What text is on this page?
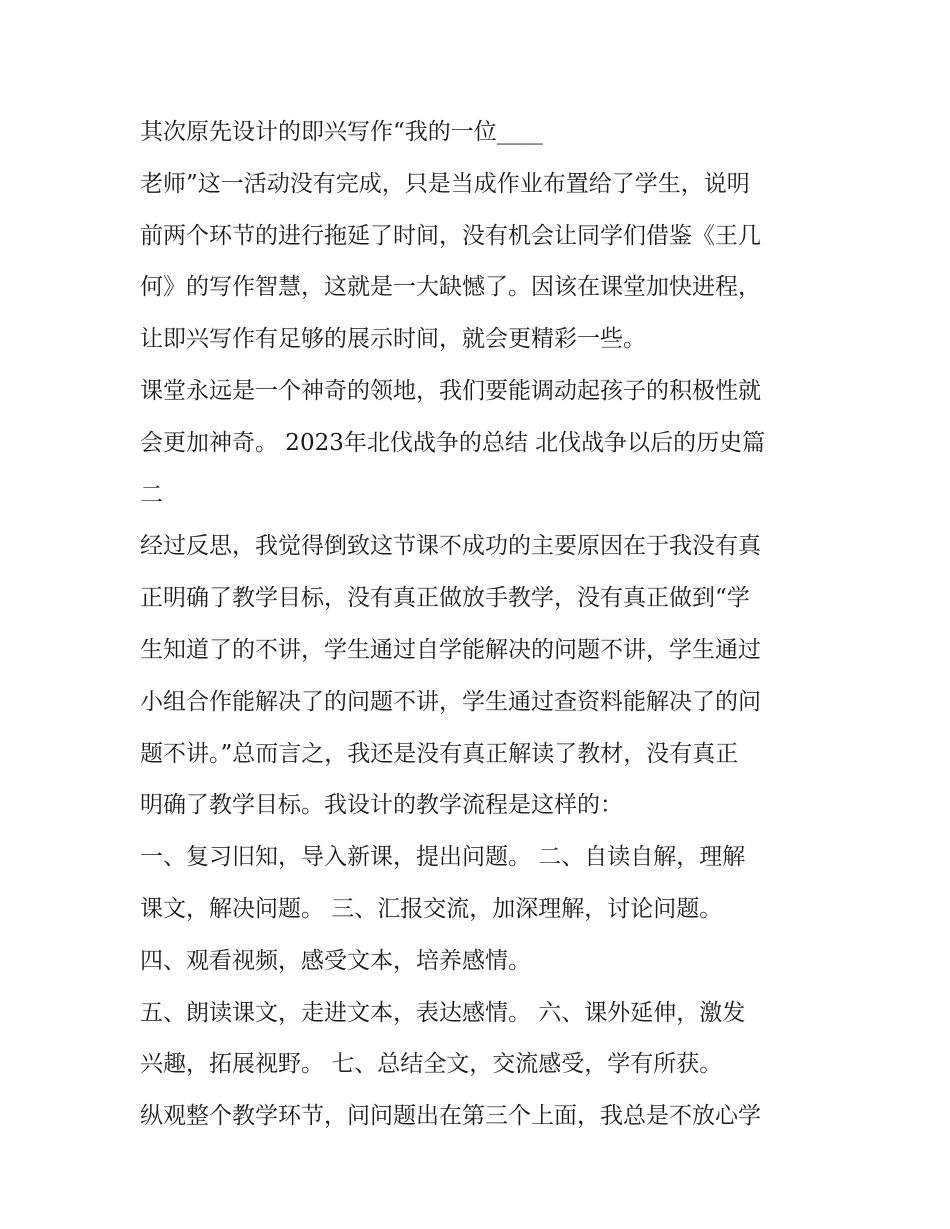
其次原先设计的即兴写作“我的一位____
老师”这一活动没有完成，只是当成作业布置给了学生，说明
前两个环节的进行拖延了时间，没有机会让同学们借鉴《王几
何》的写作智慧，这就是一大缺憾了。因该在课堂加快进程，
让即兴写作有足够的展示时间，就会更精彩一些。
课堂永远是一个神奇的领地，我们要能调动起孩子的积极性就
会更加神奇。 2023年北伐战争的总结 北伐战争以后的历史篇
二
经过反思，我觉得倒致这节课不成功的主要原因在于我没有真
正明确了教学目标，没有真正做放手教学，没有真正做到“学
生知道了的不讲，学生通过自学能解决的问题不讲，学生通过
小组合作能解决了的问题不讲，学生通过查资料能解决了的问
题不讲。”总而言之，我还是没有真正解读了教材，没有真正
明确了教学目标。我设计的教学流程是这样的：
一、复习旧知，导入新课，提出问题。 二、自读自解，理解
课文，解决问题。 三、汇报交流，加深理解，讨论问题。
四、观看视频，感受文本，培养感情。
五、朗读课文，走进文本，表达感情。 六、课外延伸，激发
兴趣，拓展视野。 七、总结全文，交流感受，学有所获。
纵观整个教学环节，问问题出在第三个上面，我总是不放心学
